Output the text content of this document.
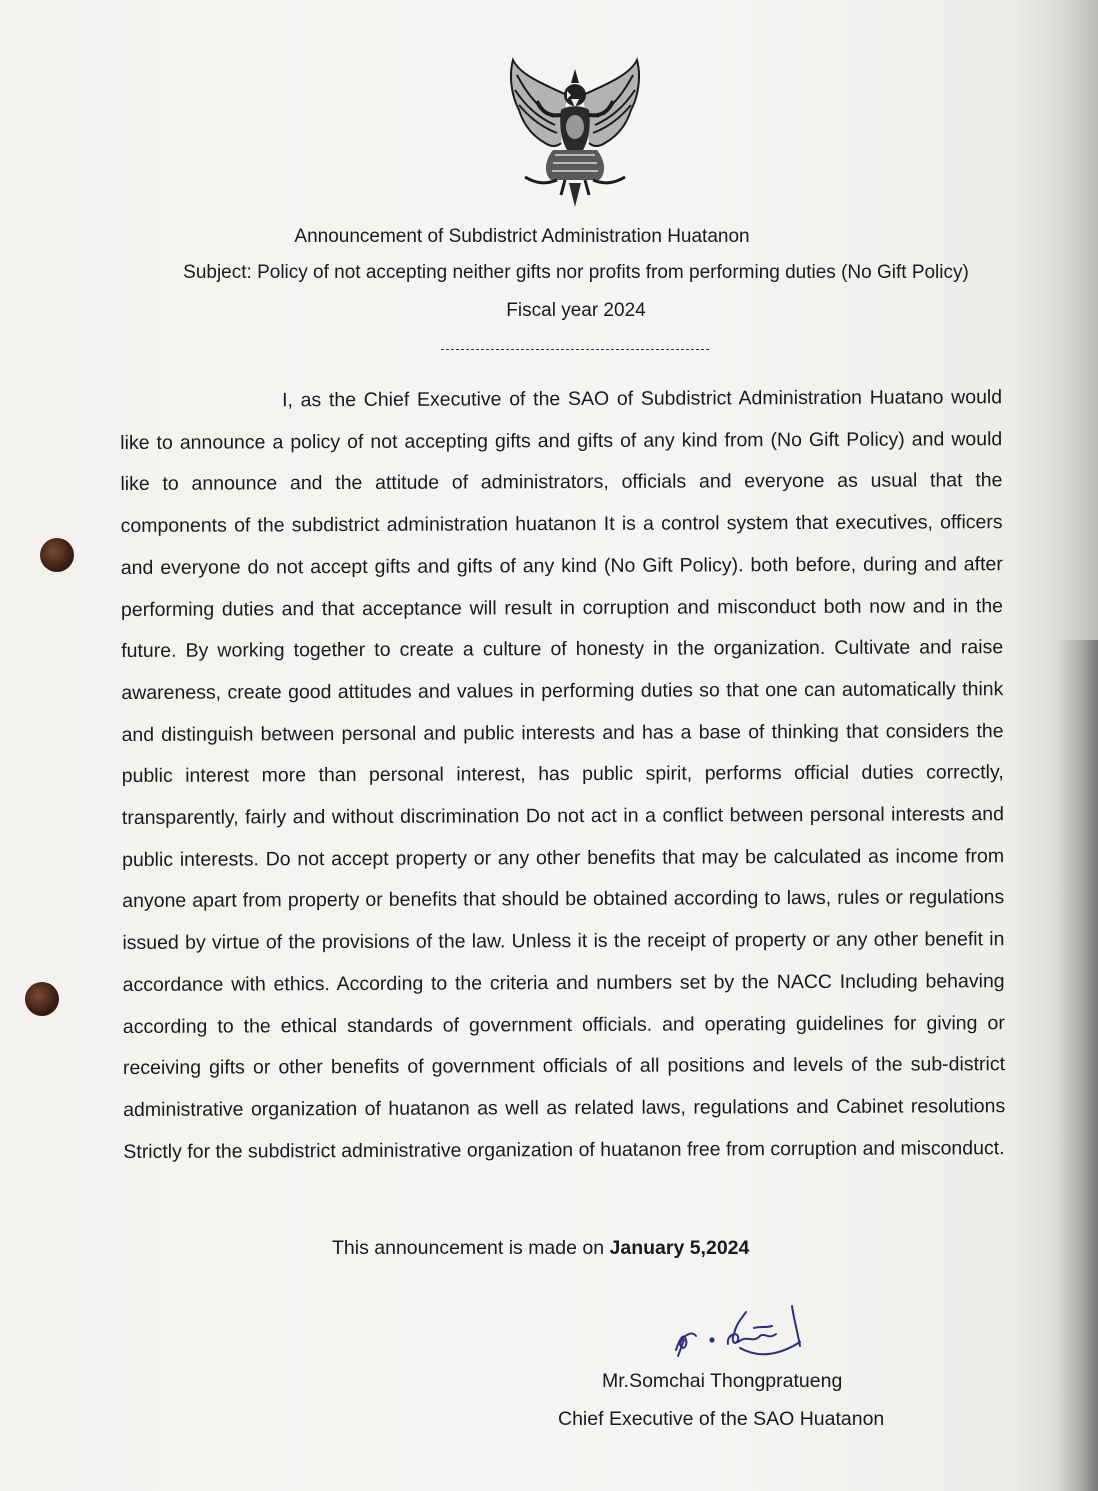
Announcement of Subdistrict Administration Huatanon
Subject: Policy of not accepting neither gifts nor profits from performing duties (No Gift Policy)
Fiscal year 2024
I, as the Chief Executive of the SAO of Subdistrict Administration Huatano would like to announce a policy of not accepting gifts and gifts of any kind from (No Gift Policy) and would like to announce and the attitude of administrators, officials and everyone as usual that the components of the subdistrict administration huatanon It is a control system that executives, officers and everyone do not accept gifts and gifts of any kind (No Gift Policy). both before, during and after performing duties and that acceptance will result in corruption and misconduct both now and in the future. By working together to create a culture of honesty in the organization. Cultivate and raise awareness, create good attitudes and values in performing duties so that one can automatically think and distinguish between personal and public interests and has a base of thinking that considers the public interest more than personal interest, has public spirit, performs official duties correctly, transparently, fairly and without discrimination Do not act in a conflict between personal interests and public interests. Do not accept property or any other benefits that may be calculated as income from anyone apart from property or benefits that should be obtained according to laws, rules or regulations issued by virtue of the provisions of the law. Unless it is the receipt of property or any other benefit in accordance with ethics. According to the criteria and numbers set by the NACC Including behaving according to the ethical standards of government officials. and operating guidelines for giving or receiving gifts or other benefits of government officials of all positions and levels of the sub-district administrative organization of huatanon as well as related laws, regulations and Cabinet resolutions Strictly for the subdistrict administrative organization of huatanon free from corruption and misconduct.
This announcement is made on January 5,2024
Mr.Somchai Thongpratueng
Chief Executive of the SAO Huatanon
